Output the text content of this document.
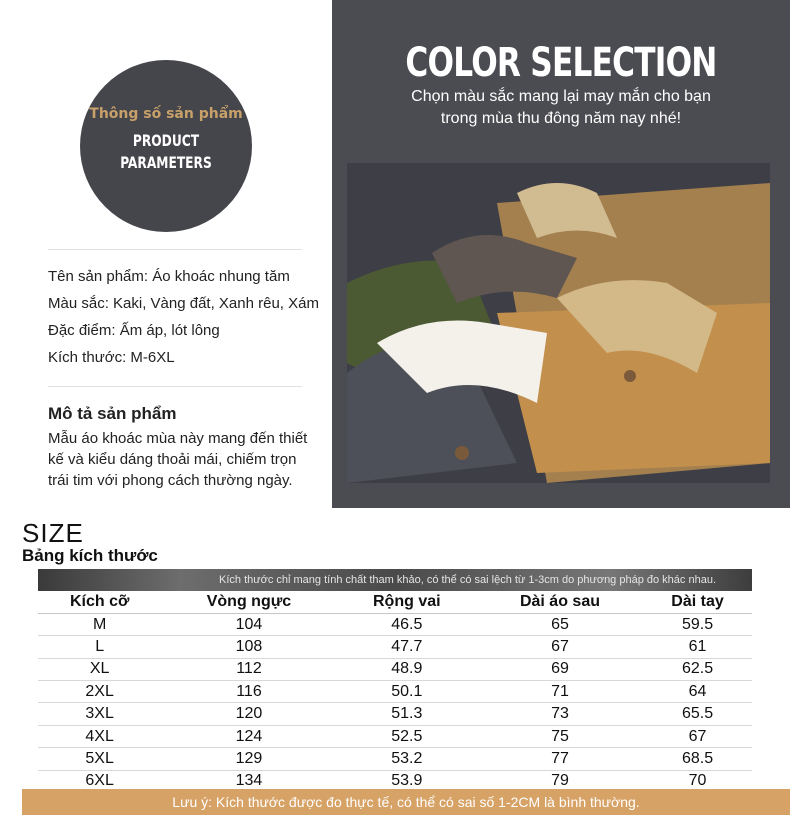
Thông số sản phẩm
PRODUCT
PARAMETERS
Tên sản phẩm: Áo khoác nhung tăm
Màu sắc: Kaki, Vàng đất, Xanh rêu, Xám
Đặc điểm: Ấm áp, lót lông
Kích thước: M-6XL
Mô tả sản phẩm
Mẫu áo khoác mùa này mang đến thiết kế và kiểu dáng thoải mái, chiếm trọn trái tim với phong cách thường ngày.
COLOR SELECTION
Chọn màu sắc mang lại may mắn cho bạn
trong mùa thu đông năm nay nhé!
SIZE
Bảng kích thước
Kích thước chỉ mang tính chất tham khảo, có thể có sai lệch từ 1-3cm do phương pháp đo khác nhau.
Kích cỡ	Vòng ngực	Rộng vai	Dài áo sau	Dài tay
M	104	46.5	65	59.5
L	108	47.7	67	61
XL	112	48.9	69	62.5
2XL	116	50.1	71	64
3XL	120	51.3	73	65.5
4XL	124	52.5	75	67
5XL	129	53.2	77	68.5
6XL	134	53.9	79	70
Lưu ý: Kích thước được đo thực tế, có thể có sai số 1-2CM là bình thường.
